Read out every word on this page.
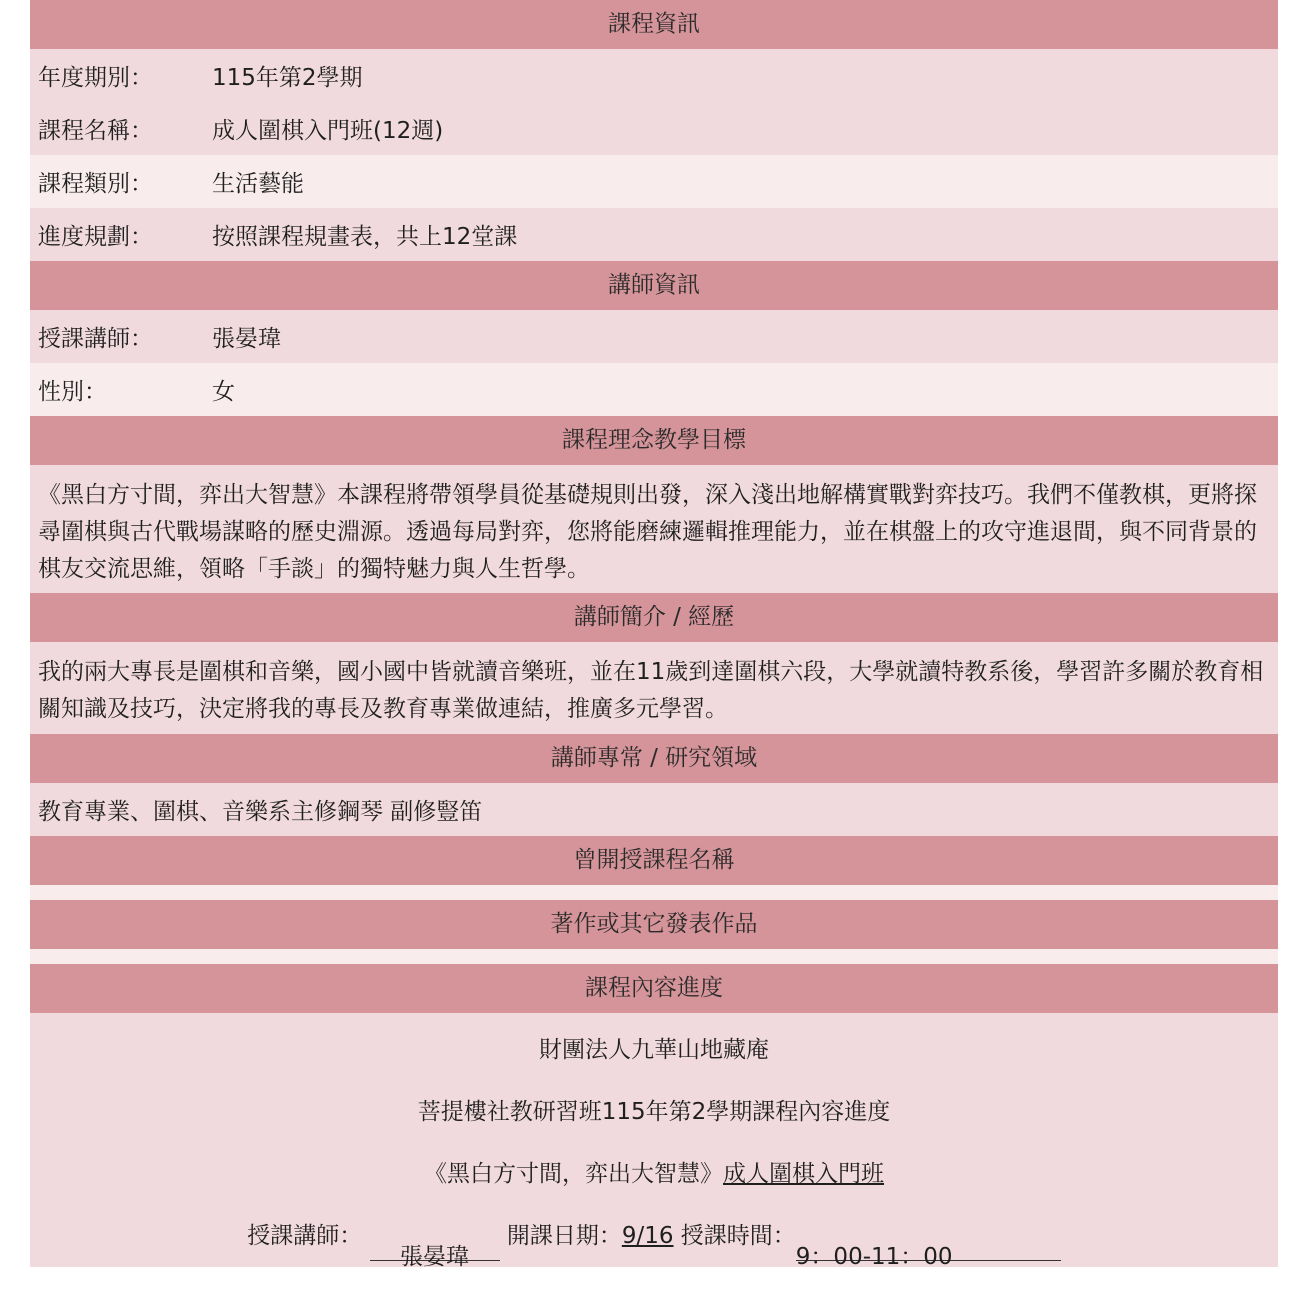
課程資訊
年度期別：	115年第2學期
課程名稱：	成人圍棋入門班(12週)
課程類別：	生活藝能
進度規劃：	按照課程規畫表，共上12堂課
講師資訊
授課講師：	張晏瑋
性別：	女
課程理念教學目標
《黑白方寸間，弈出大智慧》本課程將帶領學員從基礎規則出發，深入淺出地解構實戰對弈技巧。我們不僅教棋，更將探尋圍棋與古代戰場謀略的歷史淵源。透過每局對弈，您將能磨練邏輯推理能力，並在棋盤上的攻守進退間，與不同背景的棋友交流思維，領略「手談」的獨特魅力與人生哲學。
講師簡介 / 經歷
我的兩大專長是圍棋和音樂，國小國中皆就讀音樂班，並在11歲到達圍棋六段，大學就讀特教系後，學習許多關於教育相關知識及技巧，決定將我的專長及教育專業做連結，推廣多元學習。
講師專常 / 研究領域
教育專業、圍棋、音樂系主修鋼琴 副修豎笛
曾開授課程名稱
著作或其它發表作品
課程內容進度
財團法人九華山地藏庵
菩提樓社教研習班115年第2學期課程內容進度
《黑白方寸間，弈出大智慧》成人圍棋入門班
授課講師： 張晏瑋 開課日期：9/16 授課時間：9：00-11：00
